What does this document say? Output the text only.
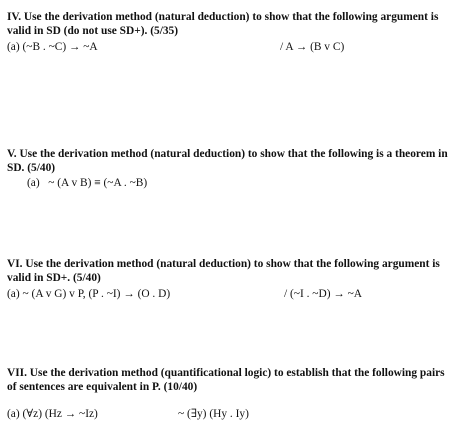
IV. Use the derivation method (natural deduction) to show that the following argument is
valid in SD (do not use SD+). (5/35)
(a) (~B . ~C) → ~A	/ A → (B v C)
V. Use the derivation method (natural deduction) to show that the following is a theorem in
SD. (5/40)
(a) ~ (A v B) ≡ (~A . ~B)
VI. Use the derivation method (natural deduction) to show that the following argument is
valid in SD+. (5/40)
(a) ~ (A v G) v P, (P . ~I) → (O . D)	/ (~I . ~D) → ~A
VII. Use the derivation method (quantificational logic) to establish that the following pairs
of sentences are equivalent in P. (10/40)
(a) (∀z) (Hz → ~Iz)	~ (∃y) (Hy . Iy)
